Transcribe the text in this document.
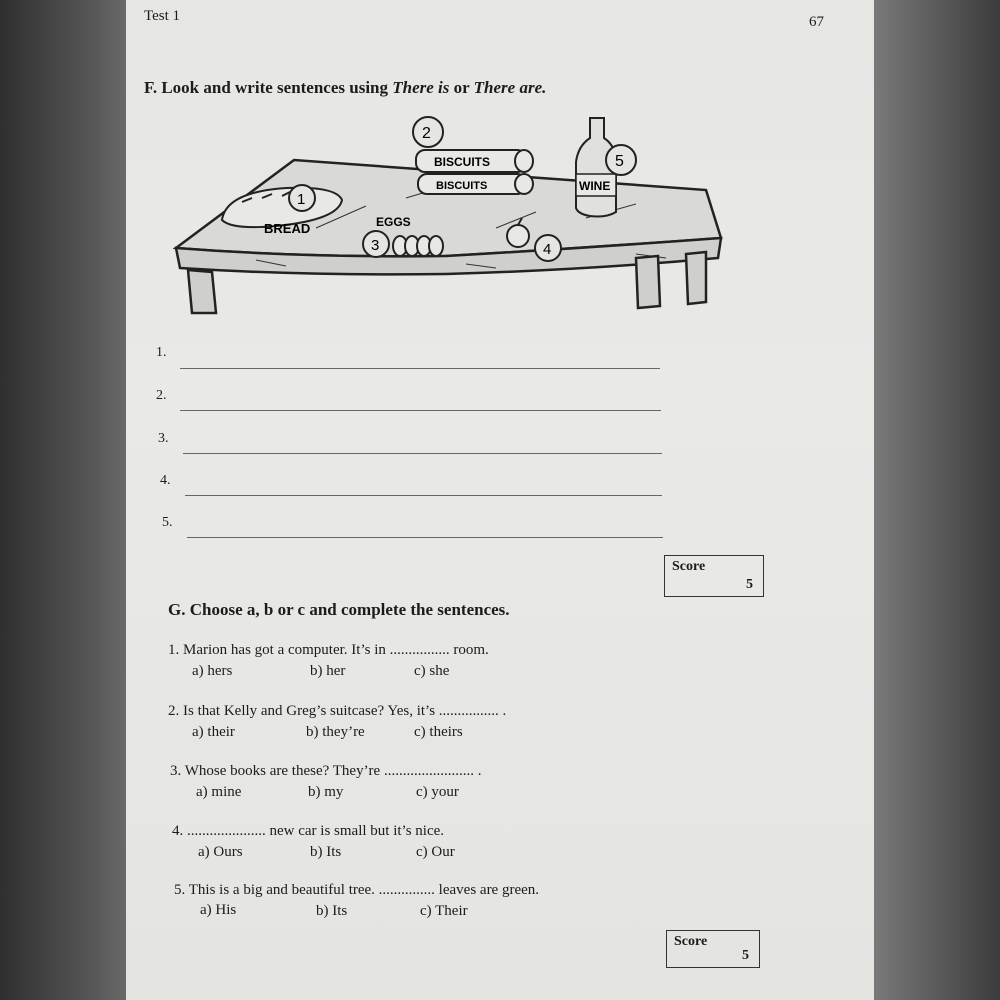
Test 1	67
F. Look and write sentences using There is or There are.
BREAD
1
BISCUITS
BISCUITS
2
WINE
5
EGGS
3	4
1.
2.
3.
4.
5.
Score
5
G. Choose a, b or c and complete the sentences.
1. Marion has got a computer. It’s in ................ room.
a) hers	b) her	c) she
2. Is that Kelly and Greg’s suitcase? Yes, it’s ................ .
a) their	b) they’re	c) theirs
3. Whose books are these? They’re ........................ .
a) mine	b) my	c) your
4. ..................... new car is small but it’s nice.
a) Ours	b) Its	c) Our
5. This is a big and beautiful tree. ............... leaves are green.
a) His	b) Its	c) Their
Score
5
